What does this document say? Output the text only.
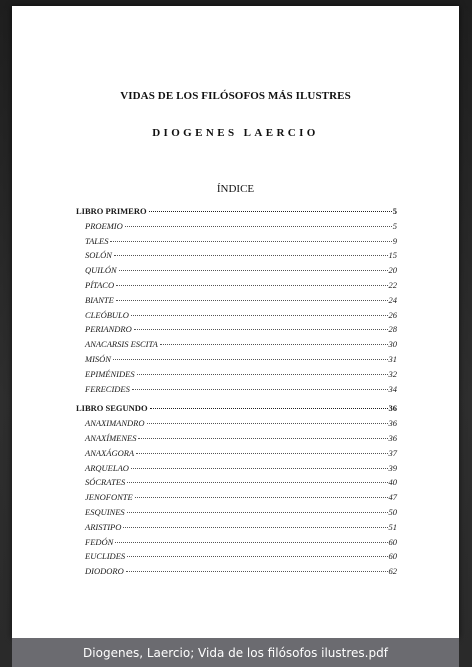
VIDAS DE LOS FILÓSOFOS MÁS ILUSTRES
DIOGENES LAERCIO
ÍNDICE
LIBRO PRIMERO	5
PROEMIO	5
TALES	9
SOLÓN	15
QUILÓN	20
PÍTACO	22
BIANTE	24
CLEÓBULO	26
PERIANDRO	28
ANACARSIS ESCITA	30
MISÓN	31
EPIMÉNIDES	32
FERECIDES	34
LIBRO SEGUNDO	36
ANAXIMANDRO	36
ANAXÍMENES	36
ANAXÁGORA	37
ARQUELAO	39
SÓCRATES	40
JENOFONTE	47
ESQUINES	50
ARISTIPO	51
FEDÓN	60
EUCLIDES	60
DIODORO	62
Diogenes, Laercio; Vida de los filósofos ilustres.pdf
